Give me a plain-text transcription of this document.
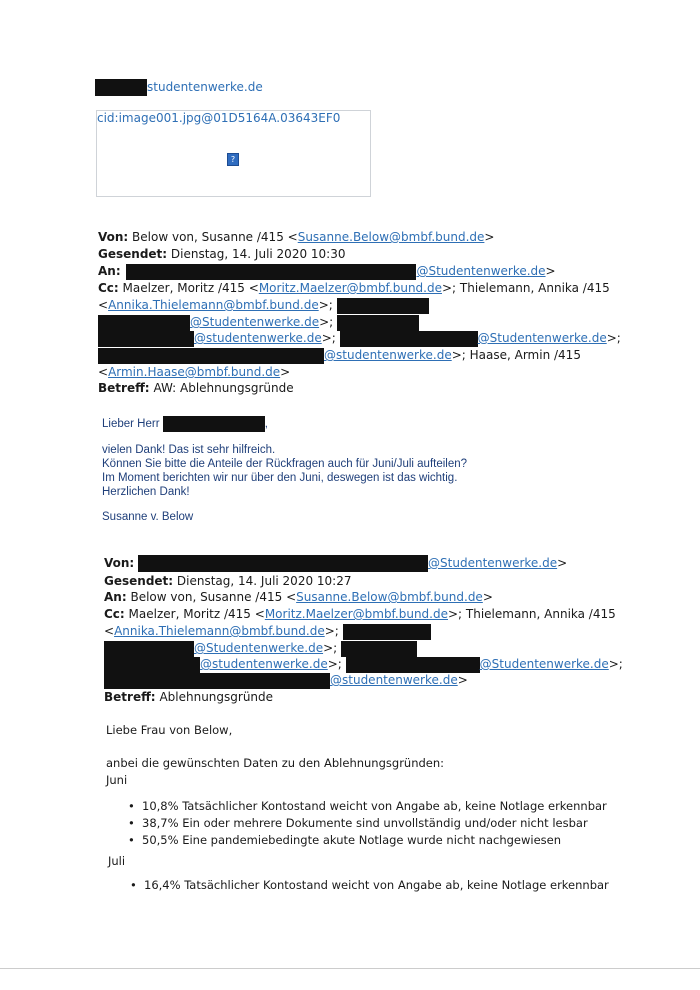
studentenwerke.de
cid:image001.jpg@01D5164A.03643EF0
?
Von: Below von, Susanne /415 <Susanne.Below@bmbf.bund.de>
Gesendet: Dienstag, 14. Juli 2020 10:30
An:	@Studentenwerke.de>
Cc: Maelzer, Moritz /415 <Moritz.Maelzer@bmbf.bund.de>; Thielemann, Annika /415
<Annika.Thielemann@bmbf.bund.de>;
@Studentenwerke.de>;
@studentenwerke.de>;	@Studentenwerke.de>;
@studentenwerke.de>; Haase, Armin /415
<Armin.Haase@bmbf.bund.de>
Betreff: AW: Ablehnungsgründe
Lieber Herr	,
vielen Dank! Das ist sehr hilfreich.
Können Sie bitte die Anteile der Rückfragen auch für Juni/Juli aufteilen?
Im Moment berichten wir nur über den Juni, deswegen ist das wichtig.
Herzlichen Dank!
Susanne v. Below
Von:	@Studentenwerke.de>
Gesendet: Dienstag, 14. Juli 2020 10:27
An: Below von, Susanne /415 <Susanne.Below@bmbf.bund.de>
Cc: Maelzer, Moritz /415 <Moritz.Maelzer@bmbf.bund.de>; Thielemann, Annika /415
<Annika.Thielemann@bmbf.bund.de>;
@Studentenwerke.de>;
@studentenwerke.de>;	@Studentenwerke.de>;
@studentenwerke.de>
Betreff: Ablehnungsgründe
Liebe Frau von Below,
anbei die gewünschten Daten zu den Ablehnungsgründen:
Juni
• 10,8% Tatsächlicher Kontostand weicht von Angabe ab, keine Notlage erkennbar
• 38,7% Ein oder mehrere Dokumente sind unvollständig und/oder nicht lesbar
• 50,5% Eine pandemiebedingte akute Notlage wurde nicht nachgewiesen
Juli
• 16,4% Tatsächlicher Kontostand weicht von Angabe ab, keine Notlage erkennbar
